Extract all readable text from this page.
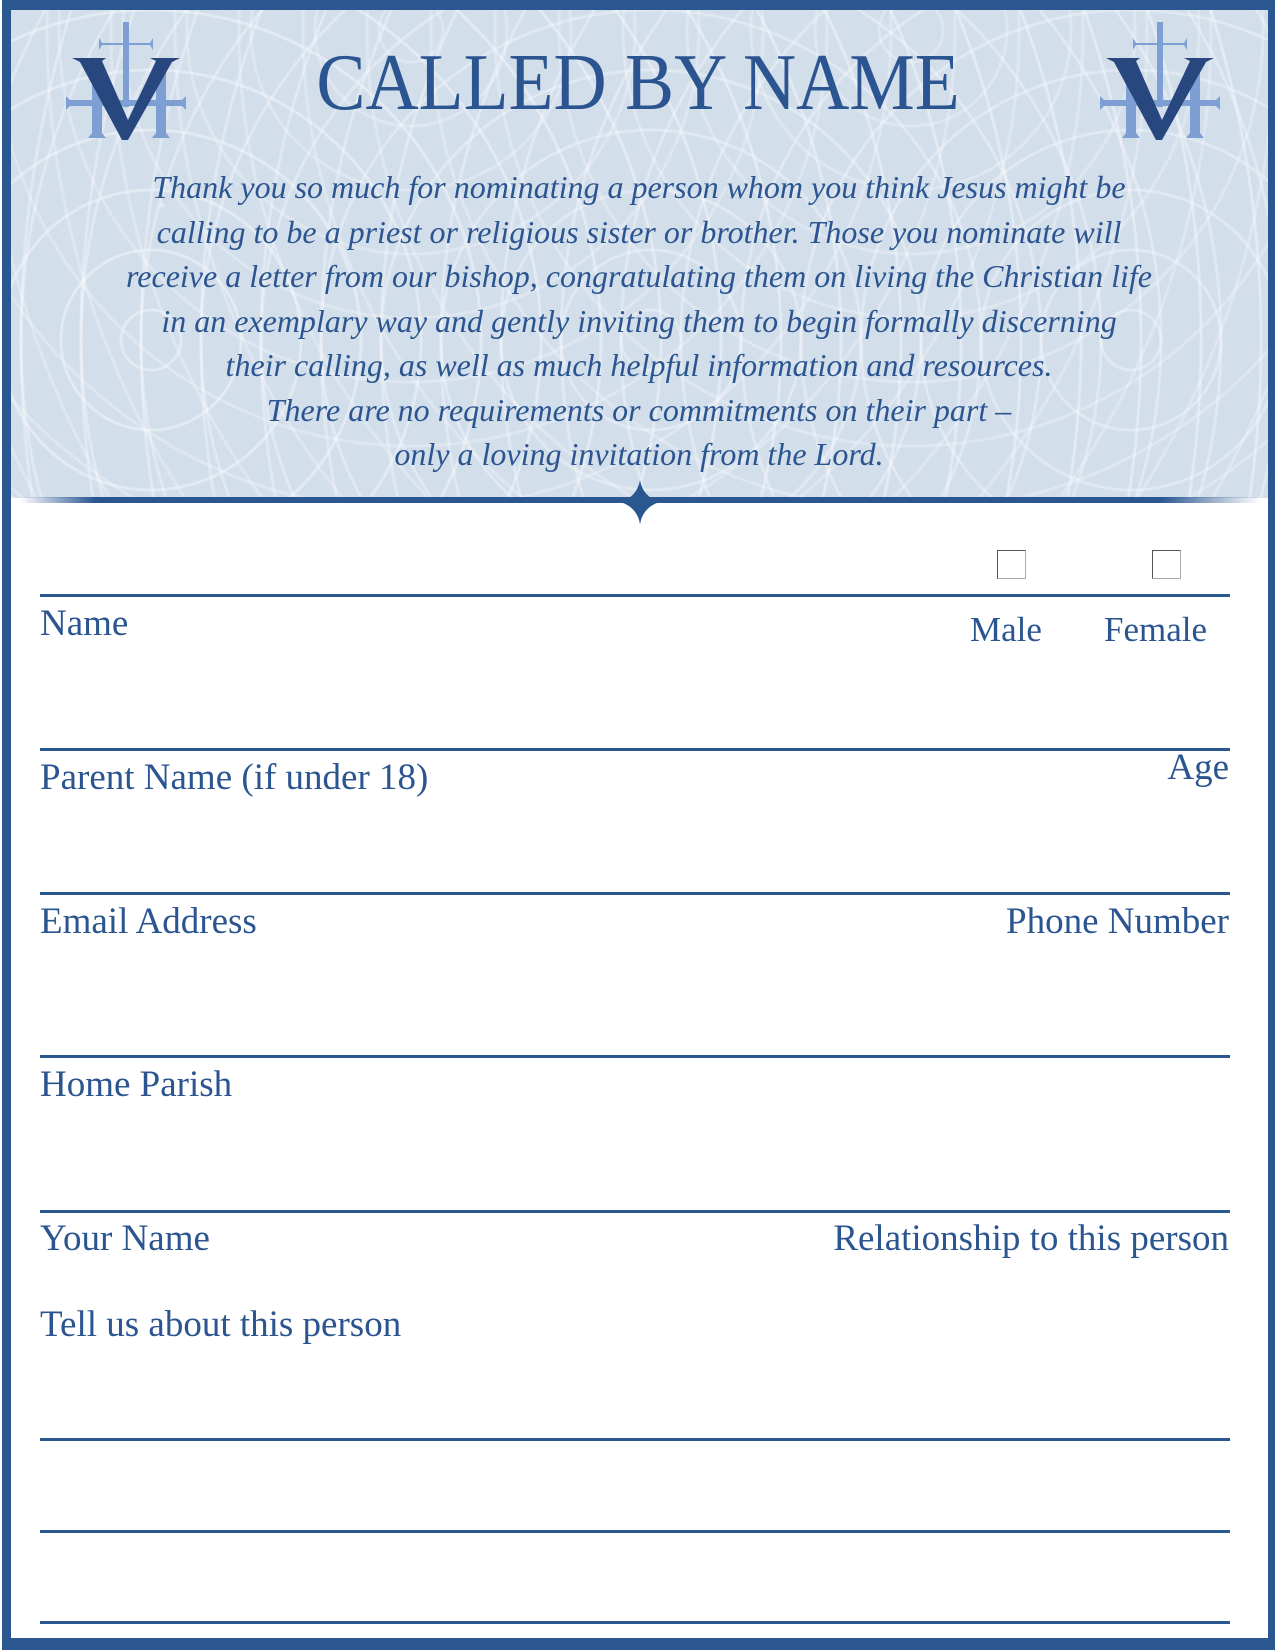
CALLED BY NAME
Thank you so much for nominating a person whom you think Jesus might be
calling to be a priest or religious sister or brother. Those you nominate will
receive a letter from our bishop, congratulating them on living the Christian life
in an exemplary way and gently inviting them to begin formally discerning
their calling, as well as much helpful information and resources.
There are no requirements or commitments on their part –
only a loving invitation from the Lord.
Name	Male Female
Parent Name (if under 18)	Age
Email Address	Phone Number
Home Parish
Your Name	Relationship to this person
Tell us about this person
